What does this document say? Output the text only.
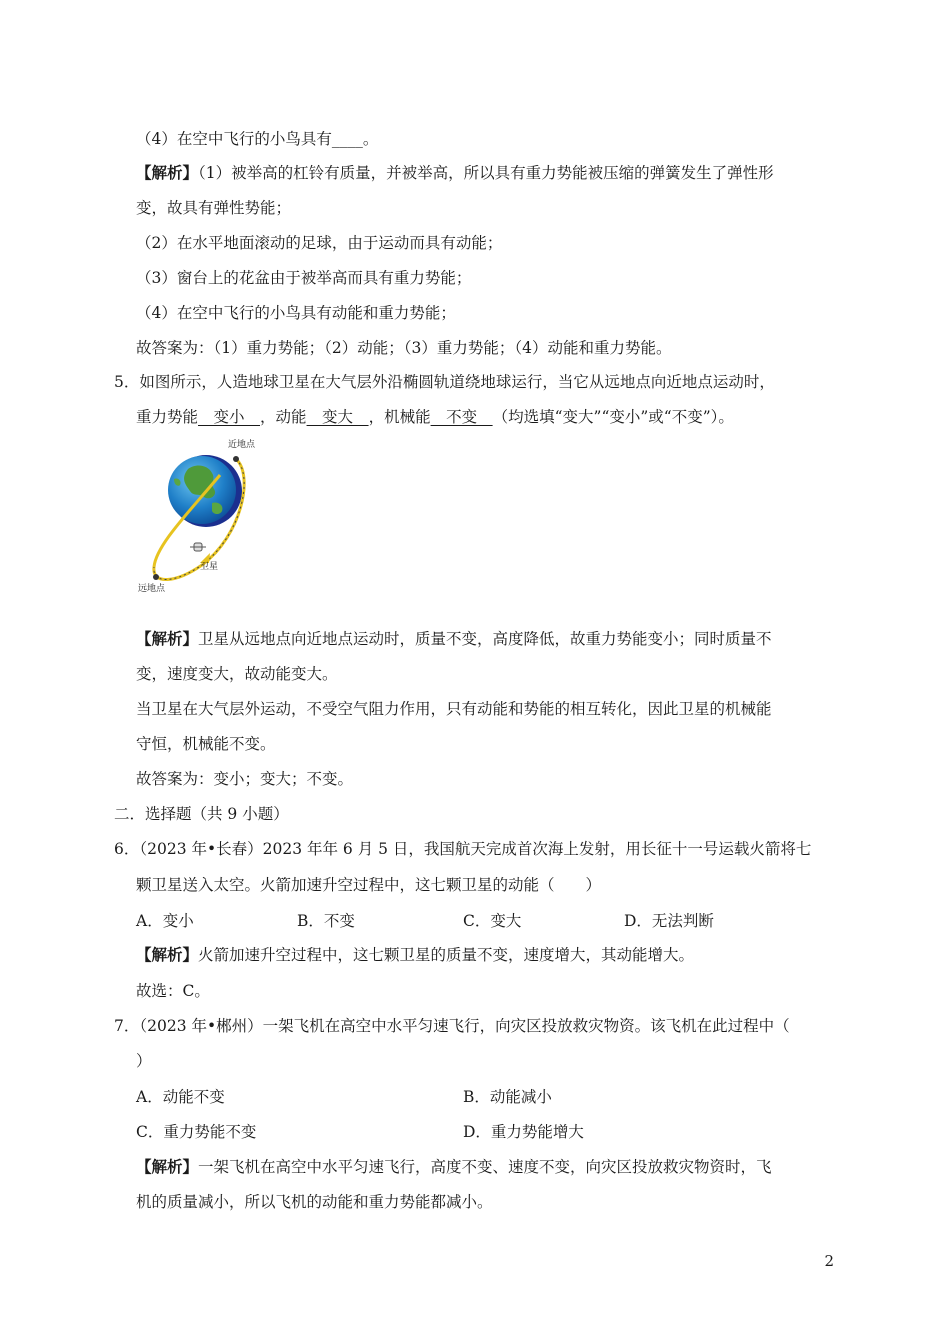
（4）在空中飞行的小鸟具有____。
【解析】（1）被举高的杠铃有质量，并被举高，所以具有重力势能被压缩的弹簧发生了弹性形
变，故具有弹性势能；
（2）在水平地面滚动的足球，由于运动而具有动能；
（3）窗台上的花盆由于被举高而具有重力势能；
（4）在空中飞行的小鸟具有动能和重力势能；
故答案为：（1）重力势能；（2）动能；（3）重力势能；（4）动能和重力势能。
5．如图所示，人造地球卫星在大气层外沿椭圆轨道绕地球运行，当它从远地点向近地点运动时，
重力势能　变小　，动能　变大　，机械能　不变　（均选填“变大”“变小”或“不变”）。
近地点
卫星
远地点
【解析】卫星从远地点向近地点运动时，质量不变，高度降低，故重力势能变小；同时质量不
变，速度变大，故动能变大。
当卫星在大气层外运动，不受空气阻力作用，只有动能和势能的相互转化，因此卫星的机械能
守恒，机械能不变。
故答案为：变小；变大；不变。
二．选择题（共 9 小题）
6．（2023 年•长春）2023 年年 6 月 5 日，我国航天完成首次海上发射，用长征十一号运载火箭将七
颗卫星送入太空。火箭加速升空过程中，这七颗卫星的动能（　　）
A．变小	B．不变	C．变大	D．无法判断
【解析】火箭加速升空过程中，这七颗卫星的质量不变，速度增大，其动能增大。
故选：C。
7．（2023 年•郴州）一架飞机在高空中水平匀速飞行，向灾区投放救灾物资。该飞机在此过程中（
）
A．动能不变	B．动能减小
C．重力势能不变	D．重力势能增大
【解析】一架飞机在高空中水平匀速飞行，高度不变、速度不变，向灾区投放救灾物资时，飞
机的质量减小，所以飞机的动能和重力势能都减小。
2
